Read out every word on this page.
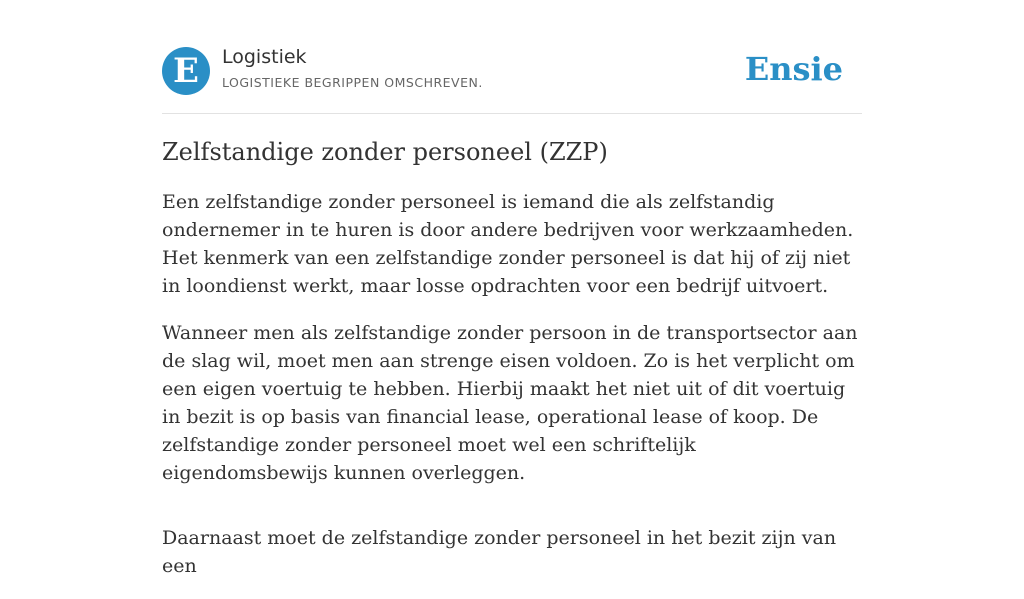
E Logistiek
LOGISTIEKE BEGRIPPEN OMSCHREVEN.	Ensie
Zelfstandige zonder personeel (ZZP)

Een zelfstandige zonder personeel is iemand die als zelfstandig ondernemer in te huren is door andere bedrijven voor werkzaamheden. Het kenmerk van een zelfstandige zonder personeel is dat hij of zij niet in loondienst werkt, maar losse opdrachten voor een bedrijf uitvoert.

Wanneer men als zelfstandige zonder persoon in de transportsector aan de slag wil, moet men aan strenge eisen voldoen. Zo is het verplicht om een eigen voertuig te hebben. Hierbij maakt het niet uit of dit voertuig in bezit is op basis van financial lease, operational lease of koop. De zelfstandige zonder personeel moet wel een schriftelijk eigendomsbewijs kunnen overleggen.

Daarnaast moet de zelfstandige zonder personeel in het bezit zijn van een
